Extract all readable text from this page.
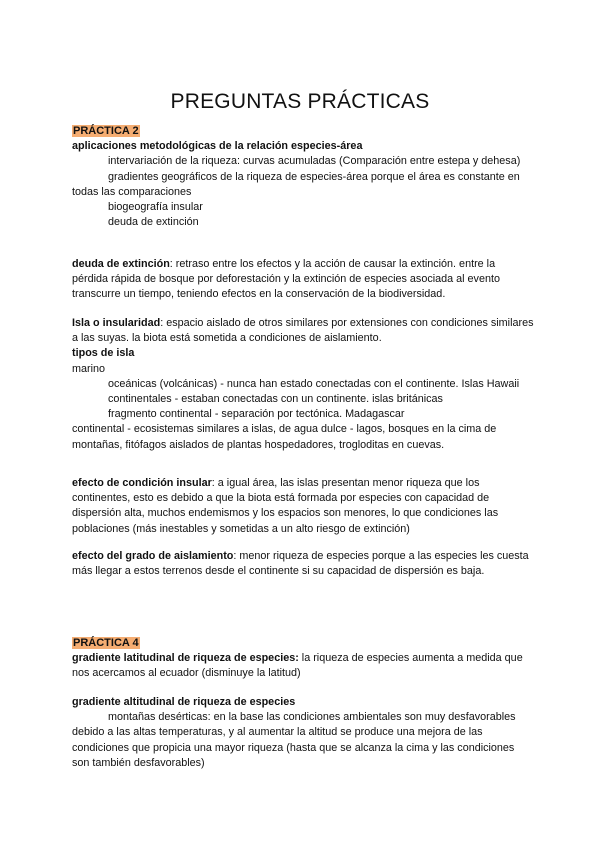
PREGUNTAS PRÁCTICAS

PRÁCTICA 2

aplicaciones metodológicas de la relación especies-área

intervariación de la riqueza: curvas acumuladas (Comparación entre estepa y dehesa)

gradientes geográficos de la riqueza de especies-área porque el área es constante en todas las comparaciones

biogeografía insular

deuda de extinción

deuda de extinción: retraso entre los efectos y la acción de causar la extinción. entre la pérdida rápida de bosque por deforestación y la extinción de especies asociada al evento transcurre un tiempo, teniendo efectos en la conservación de la biodiversidad.

Isla o insularidad: espacio aislado de otros similares por extensiones con condiciones similares a las suyas. la biota está sometida a condiciones de aislamiento.

tipos de isla

marino

oceánicas (volcánicas) - nunca han estado conectadas con el continente. Islas Hawaii

continentales - estaban conectadas con un continente. islas británicas

fragmento continental - separación por tectónica. Madagascar

continental - ecosistemas similares a islas, de agua dulce - lagos, bosques en la cima de montañas, fitófagos aislados de plantas hospedadores, trogloditas en cuevas.

efecto de condición insular: a igual área, las islas presentan menor riqueza que los continentes, esto es debido a que la biota está formada por especies con capacidad de dispersión alta, muchos endemismos y los espacios son menores, lo que condiciones las poblaciones (más inestables y sometidas a un alto riesgo de extinción)

efecto del grado de aislamiento: menor riqueza de especies porque a las especies les cuesta más llegar a estos terrenos desde el continente si su capacidad de dispersión es baja.

PRÁCTICA 4

gradiente latitudinal de riqueza de especies: la riqueza de especies aumenta a medida que nos acercamos al ecuador (disminuye la latitud)

gradiente altitudinal de riqueza de especies

montañas desérticas: en la base las condiciones ambientales son muy desfavorables debido a las altas temperaturas, y al aumentar la altitud se produce una mejora de las condiciones que propicia una mayor riqueza (hasta que se alcanza la cima y las condiciones son también desfavorables)
